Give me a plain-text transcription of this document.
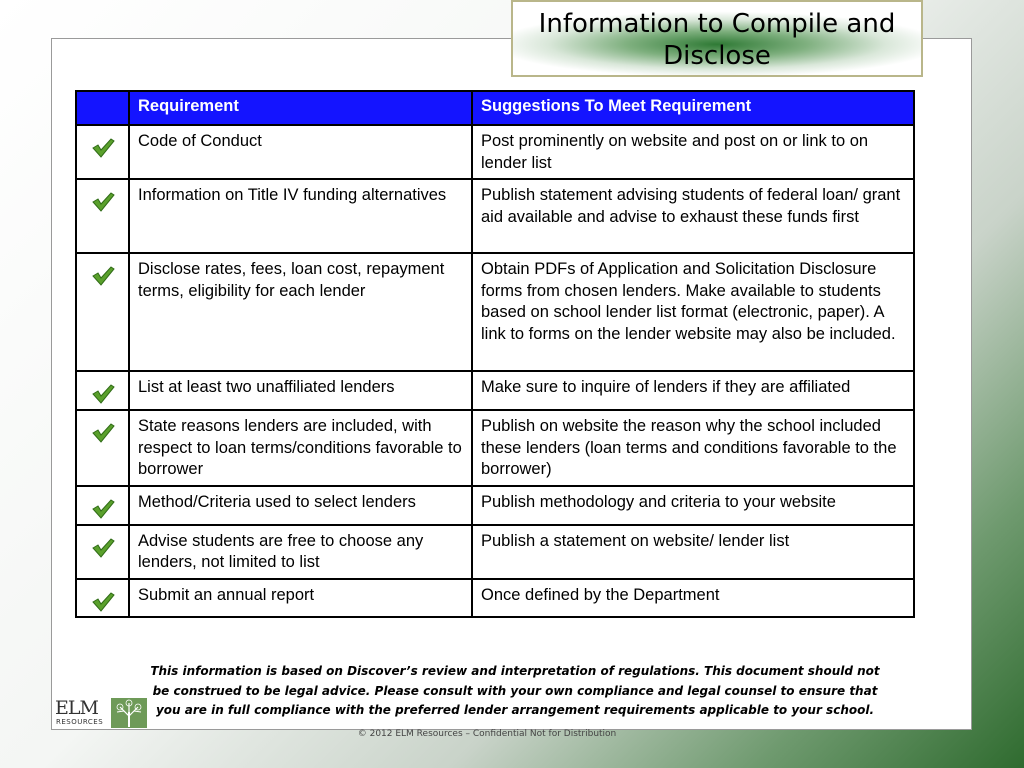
Information to Compile and Disclose
	Requirement	Suggestions To Meet Requirement

	Code of Conduct	Post prominently on website and post on or link to on lender list

	Information on Title IV funding alternatives	Publish statement advising students of federal loan/ grant aid available and advise to exhaust these funds first

	Disclose rates, fees, loan cost, repayment terms, eligibility for each lender	Obtain PDFs of Application and Solicitation Disclosure forms from chosen lenders. Make available to students based on school lender list format (electronic, paper). A link to forms on the lender website may also be included.

	List at least two unaffiliated lenders	Make sure to inquire of lenders if they are affiliated

	State reasons lenders are included, with respect to loan terms/conditions favorable to borrower	Publish on website the reason why the school included these lenders (loan terms and conditions favorable to the borrower)

	Method/Criteria used to select lenders	Publish methodology and criteria to your website

	Advise students are free to choose any lenders, not limited to list	Publish a statement on website/ lender list

	Submit an annual report	Once defined by the Department
This information is based on Discover’s review and interpretation of regulations. This document should not be construed to be legal advice. Please consult with your own compliance and legal counsel to ensure that you are in full compliance with the preferred lender arrangement requirements applicable to your school.
ELM
RESOURCES
© 2012 ELM Resources – Confidential Not for Distribution
